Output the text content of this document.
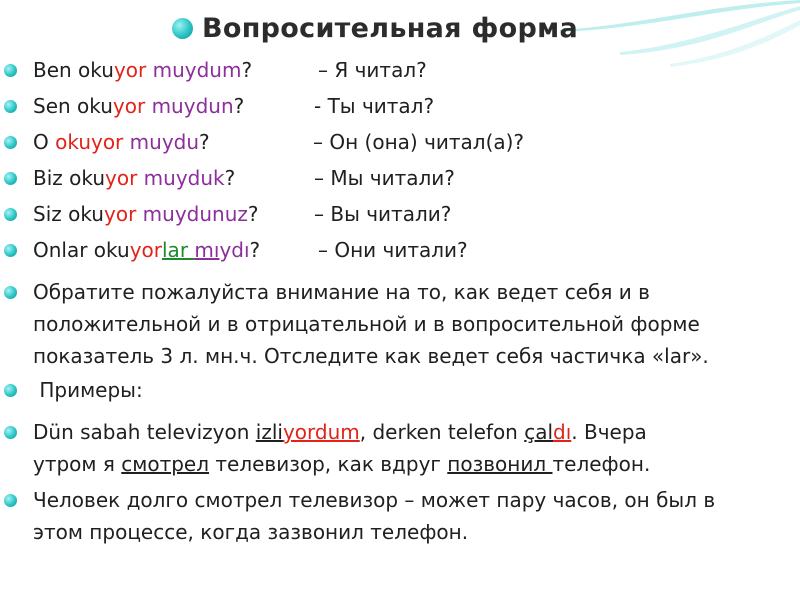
Вопросительная форма
Ben okuyor muydum?	– Я читал?
Sen okuyor muydun?	- Ты читал?
O okuyor muydu?	– Он (она) читал(а)?
Biz okuyor muyduk?	– Мы читали?
Siz okuyor muydunuz?	– Вы читали?
Onlar okuyorlar mıydı?	– Они читали?
Обратите пожалуйста внимание на то, как ведет себя и в
положительной и в отрицательной и в вопросительной форме
показатель 3 л. мн.ч. Отследите как ведет себя частичка «lar».
Примеры:
Dün sabah televizyon izliyordum, derken telefon çaldı. Вчера
утром я смотрел телевизор, как вдруг позвонил телефон.
Человек долго смотрел телевизор – может пару часов, он был в
этом процессе, когда зазвонил телефон.
